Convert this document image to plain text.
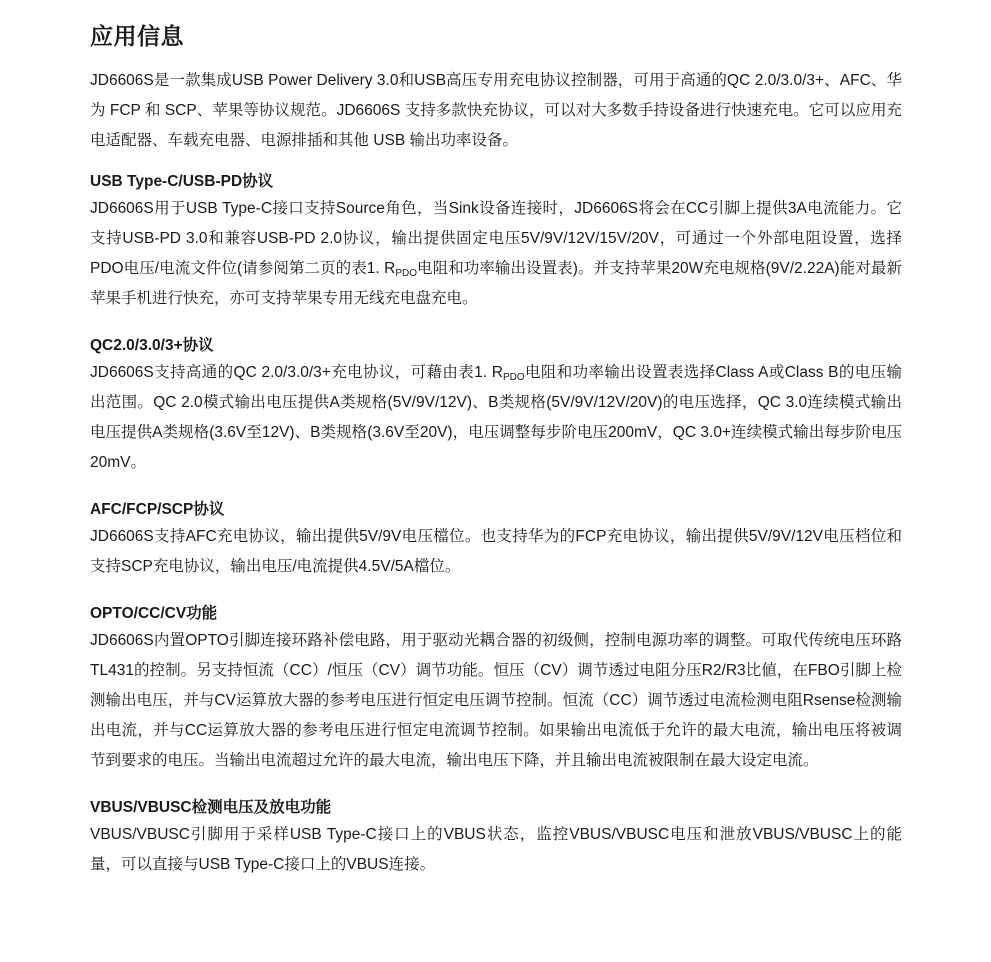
应用信息

JD6606S是一款集成USB Power Delivery 3.0和USB高压专用充电协议控制器，可用于高通的QC 2.0/3.0/3+、AFC、华为 FCP 和 SCP、苹果等协议规范。JD6606S 支持多款快充协议，可以对大多数手持设备进行快速充电。它可以应用充电适配器、车载充电器、电源排插和其他 USB 输出功率设备。

USB Type-C/USB-PD协议

JD6606S用于USB Type-C接口支持Source角色，当Sink设备连接时，JD6606S将会在CC引脚上提供3A电流能力。它支持USB-PD 3.0和兼容USB-PD 2.0协议，输出提供固定电压5V/9V/12V/15V/20V，可通过一个外部电阻设置，选择PDO电压/电流文件位(请参阅第二页的表1. $R_{PDO}$电阻和功率输出设置表)。并支持苹果20W充电规格(9V/2.22A)能对最新苹果手机进行快充，亦可支持苹果专用无线充电盘充电。

QC2.0/3.0/3+协议

JD6606S支持高通的QC 2.0/3.0/3+充电协议，可藉由表1. $R_{PDO}$电阻和功率输出设置表选择Class A或Class B的电压输出范围。QC 2.0模式输出电压提供A类规格(5V/9V/12V)、B类规格(5V/9V/12V/20V)的电压选择，QC 3.0连续模式输出电压提供A类规格(3.6V至12V)、B类规格(3.6V至20V)，电压调整每步阶电压200mV，QC 3.0+连续模式输出每步阶电压20mV。

AFC/FCP/SCP协议

JD6606S支持AFC充电协议，输出提供5V/9V电压檔位。也支持华为的FCP充电协议，输出提供5V/9V/12V电压档位和支持SCP充电协议，输出电压/电流提供4.5V/5A檔位。

OPTO/CC/CV功能

JD6606S内置OPTO引脚连接环路补偿电路，用于驱动光耦合器的初级侧，控制电源功率的调整。可取代传统电压环路TL431的控制。另支持恒流（CC）/恒压（CV）调节功能。恒压（CV）调节透过电阻分压R2/R3比値，在FBO引脚上检测输出电压，并与CV运算放大器的参考电压进行恒定电压调节控制。恒流（CC）调节透过电流检测电阻Rsense检测输出电流，并与CC运算放大器的参考电压进行恒定电流调节控制。如果输出电流低于允许的最大电流，输出电压将被调节到要求的电压。当输出电流超过允许的最大电流，输出电压下降，并且输出电流被限制在最大设定电流。

VBUS/VBUSC检测电压及放电功能

VBUS/VBUSC引脚用于采样USB Type-C接口上的VBUS状态，监控VBUS/VBUSC电压和泄放VBUS/VBUSC上的能量，可以直接与USB Type-C接口上的VBUS连接。
